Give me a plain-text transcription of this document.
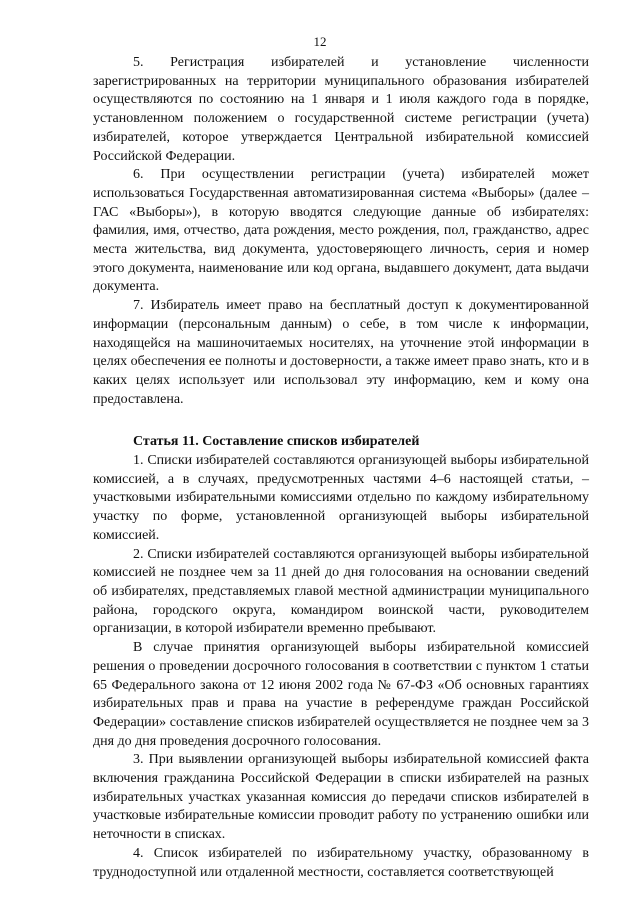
12

5. Регистрация избирателей и установление численности зарегистрированных на территории муниципального образования избирателей осуществляются по состоянию на 1 января и 1 июля каждого года в порядке, установленном положением о государственной системе регистрации (учета) избирателей, которое утверждается Центральной избирательной комиссией Российской Федерации.

6. При осуществлении регистрации (учета) избирателей может использоваться Государственная автоматизированная система «Выборы» (далее – ГАС «Выборы»), в которую вводятся следующие данные об избирателях: фамилия, имя, отчество, дата рождения, место рождения, пол, гражданство, адрес места жительства, вид документа, удостоверяющего личность, серия и номер этого документа, наименование или код органа, выдавшего документ, дата выдачи документа.

7. Избиратель имеет право на бесплатный доступ к документированной информации (персональным данным) о себе, в том числе к информации, находящейся на машиночитаемых носителях, на уточнение этой информации в целях обеспечения ее полноты и достоверности, а также имеет право знать, кто и в каких целях использует или использовал эту информацию, кем и кому она предоставлена.

Статья 11. Составление списков избирателей

1. Списки избирателей составляются организующей выборы избирательной комиссией, а в случаях, предусмотренных частями 4–6 настоящей статьи, – участковыми избирательными комиссиями отдельно по каждому избирательному участку по форме, установленной организующей выборы избирательной комиссией.

2. Списки избирателей составляются организующей выборы избирательной комиссией не позднее чем за 11 дней до дня голосования на основании сведений об избирателях, представляемых главой местной администрации муниципального района, городского округа, командиром воинской части, руководителем организации, в которой избиратели временно пребывают.

В случае принятия организующей выборы избирательной комиссией решения о проведении досрочного голосования в соответствии с пунктом 1 статьи 65 Федерального закона от 12 июня 2002 года № 67-ФЗ «Об основных гарантиях избирательных прав и права на участие в референдуме граждан Российской Федерации» составление списков избирателей осуществляется не позднее чем за 3 дня до дня проведения досрочного голосования.

3. При выявлении организующей выборы избирательной комиссией факта включения гражданина Российской Федерации в списки избирателей на разных избирательных участках указанная комиссия до передачи списков избирателей в участковые избирательные комиссии проводит работу по устранению ошибки или неточности в списках.

4. Список избирателей по избирательному участку, образованному в труднодоступной или отдаленной местности, составляется соответствующей
